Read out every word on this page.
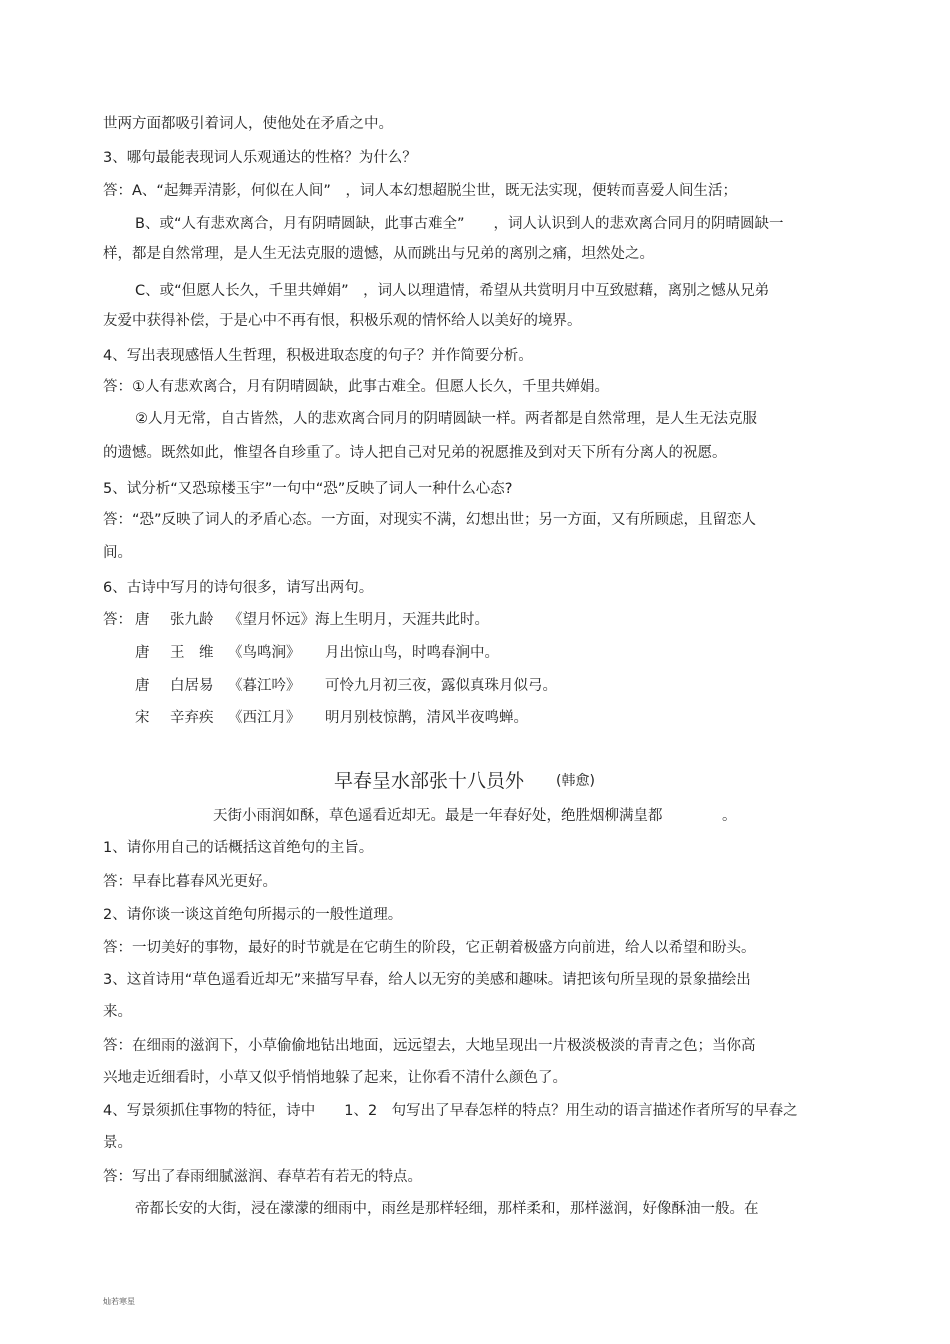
世两方面都吸引着词人，使他处在矛盾之中。
3、哪句最能表现词人乐观通达的性格？为什么？
答：A、“起舞弄清影，何似在人间”　，词人本幻想超脱尘世，既无法实现，便转而喜爱人间生活；
B、或“人有悲欢离合，月有阴晴圆缺，此事古难全”　　，词人认识到人的悲欢离合同月的阴晴圆缺一
样，都是自然常理，是人生无法克服的遗憾，从而跳出与兄弟的离别之痛，坦然处之。
C、或“但愿人长久，千里共婵娟”　，词人以理遣情，希望从共赏明月中互致慰藉，离别之憾从兄弟
友爱中获得补偿，于是心中不再有恨，积极乐观的情怀给人以美好的境界。
4、写出表现感悟人生哲理，积极进取态度的句子？并作简要分析。
答：①人有悲欢离合，月有阴晴圆缺，此事古难全。但愿人长久，千里共婵娟。
②人月无常，自古皆然，人的悲欢离合同月的阴晴圆缺一样。两者都是自然常理，是人生无法克服
的遗憾。既然如此，惟望各自珍重了。诗人把自己对兄弟的祝愿推及到对天下所有分离人的祝愿。
5、试分析“又恐琼楼玉宇”一句中“恐”反映了词人一种什么心态?
答：“恐”反映了词人的矛盾心态。一方面，对现实不满，幻想出世；另一方面，又有所顾虑，且留恋人
间。
6、古诗中写月的诗句很多，请写出两句。
答： 唐 张九龄 《望月怀远》 海上生明月，天涯共此时。
唐 王　维 《鸟鸣涧》 月出惊山鸟，时鸣春涧中。
唐 白居易 《暮江吟》 可怜九月初三夜，露似真珠月似弓。
宋 辛弃疾 《西江月》 明月别枝惊鹊，清风半夜鸣蝉。
早春呈水部张十八员外 (韩愈)
天街小雨润如酥，草色遥看近却无。最是一年春好处，绝胜烟柳满皇都	。
1、请你用自己的话概括这首绝句的主旨。
答：早春比暮春风光更好。
2、请你谈一谈这首绝句所揭示的一般性道理。
答：一切美好的事物，最好的时节就是在它萌生的阶段，它正朝着极盛方向前进，给人以希望和盼头。
3、这首诗用“草色遥看近却无”来描写早春，给人以无穷的美感和趣味。请把该句所呈现的景象描绘出
来。
答：在细雨的滋润下，小草偷偷地钻出地面，远远望去，大地呈现出一片极淡极淡的青青之色；当你高
兴地走近细看时，小草又似乎悄悄地躲了起来，让你看不清什么颜色了。
4、写景须抓住事物的特征，诗中　　1、2　句写出了早春怎样的特点？用生动的语言描述作者所写的早春之
景。
答：写出了春雨细腻滋润、春草若有若无的特点。
帝都长安的大街，浸在濛濛的细雨中，雨丝是那样轻细，那样柔和，那样滋润，好像酥油一般。在
灿若寒星
